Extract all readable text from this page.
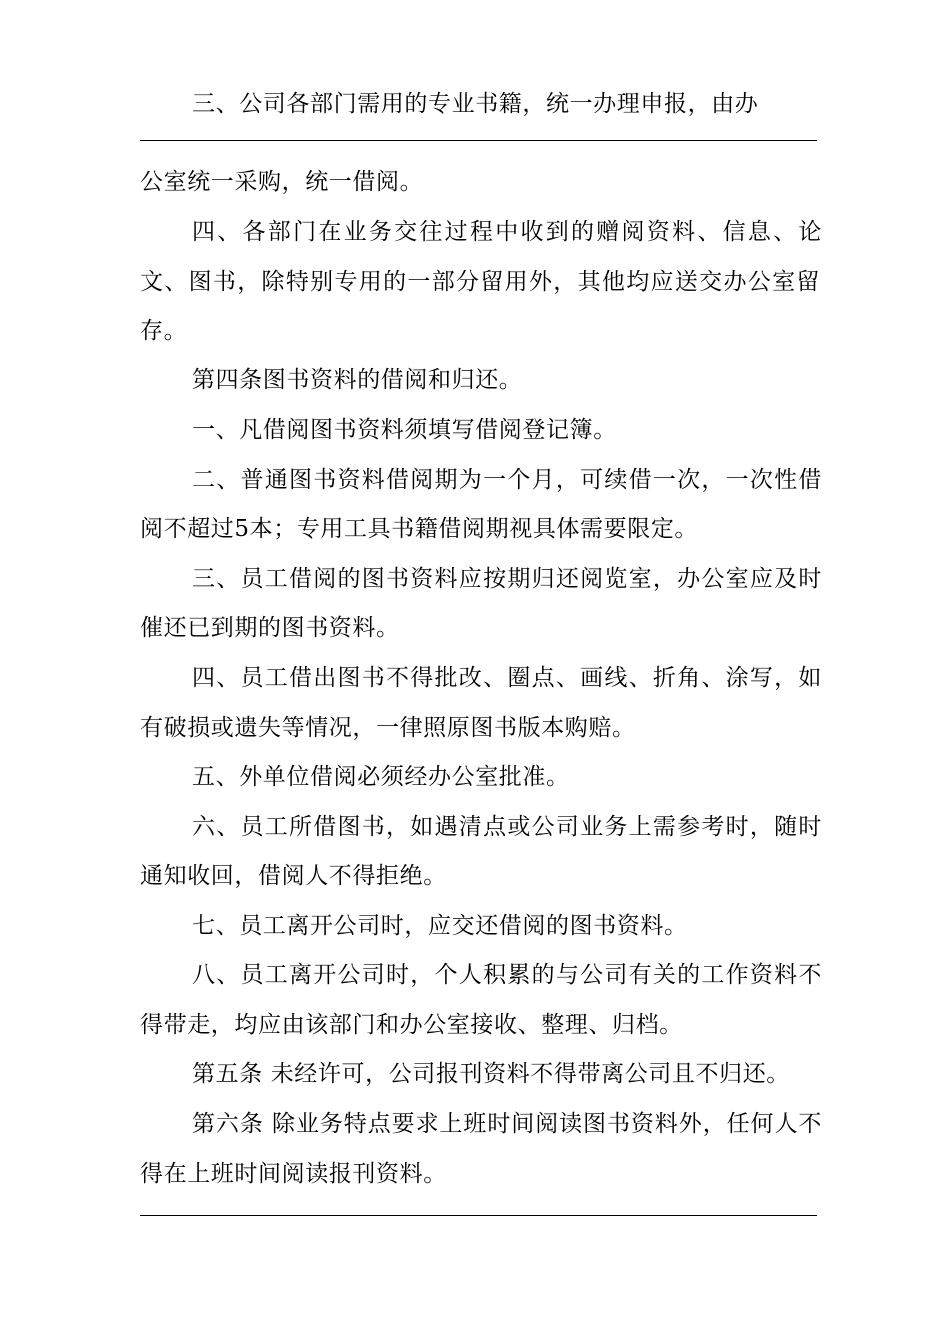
三、公司各部门需用的专业书籍，统一办理申报，由办
公室统一采购，统一借阅。
四、各部门在业务交往过程中收到的赠阅资料、信息、论
文、图书，除特别专用的一部分留用外，其他均应送交办公室留
存。
第四条图书资料的借阅和归还。
一、凡借阅图书资料须填写借阅登记簿。
二、普通图书资料借阅期为一个月，可续借一次，一次性借
阅不超过5本；专用工具书籍借阅期视具体需要限定。
三、员工借阅的图书资料应按期归还阅览室，办公室应及时
催还已到期的图书资料。
四、员工借出图书不得批改、圈点、画线、折角、涂写，如
有破损或遗失等情况，一律照原图书版本购赔。
五、外单位借阅必须经办公室批准。
六、员工所借图书，如遇清点或公司业务上需参考时，随时
通知收回，借阅人不得拒绝。
七、员工离开公司时，应交还借阅的图书资料。
八、员工离开公司时，个人积累的与公司有关的工作资料不
得带走，均应由该部门和办公室接收、整理、归档。
第五条 未经许可，公司报刊资料不得带离公司且不归还。
第六条 除业务特点要求上班时间阅读图书资料外，任何人不
得在上班时间阅读报刊资料。
